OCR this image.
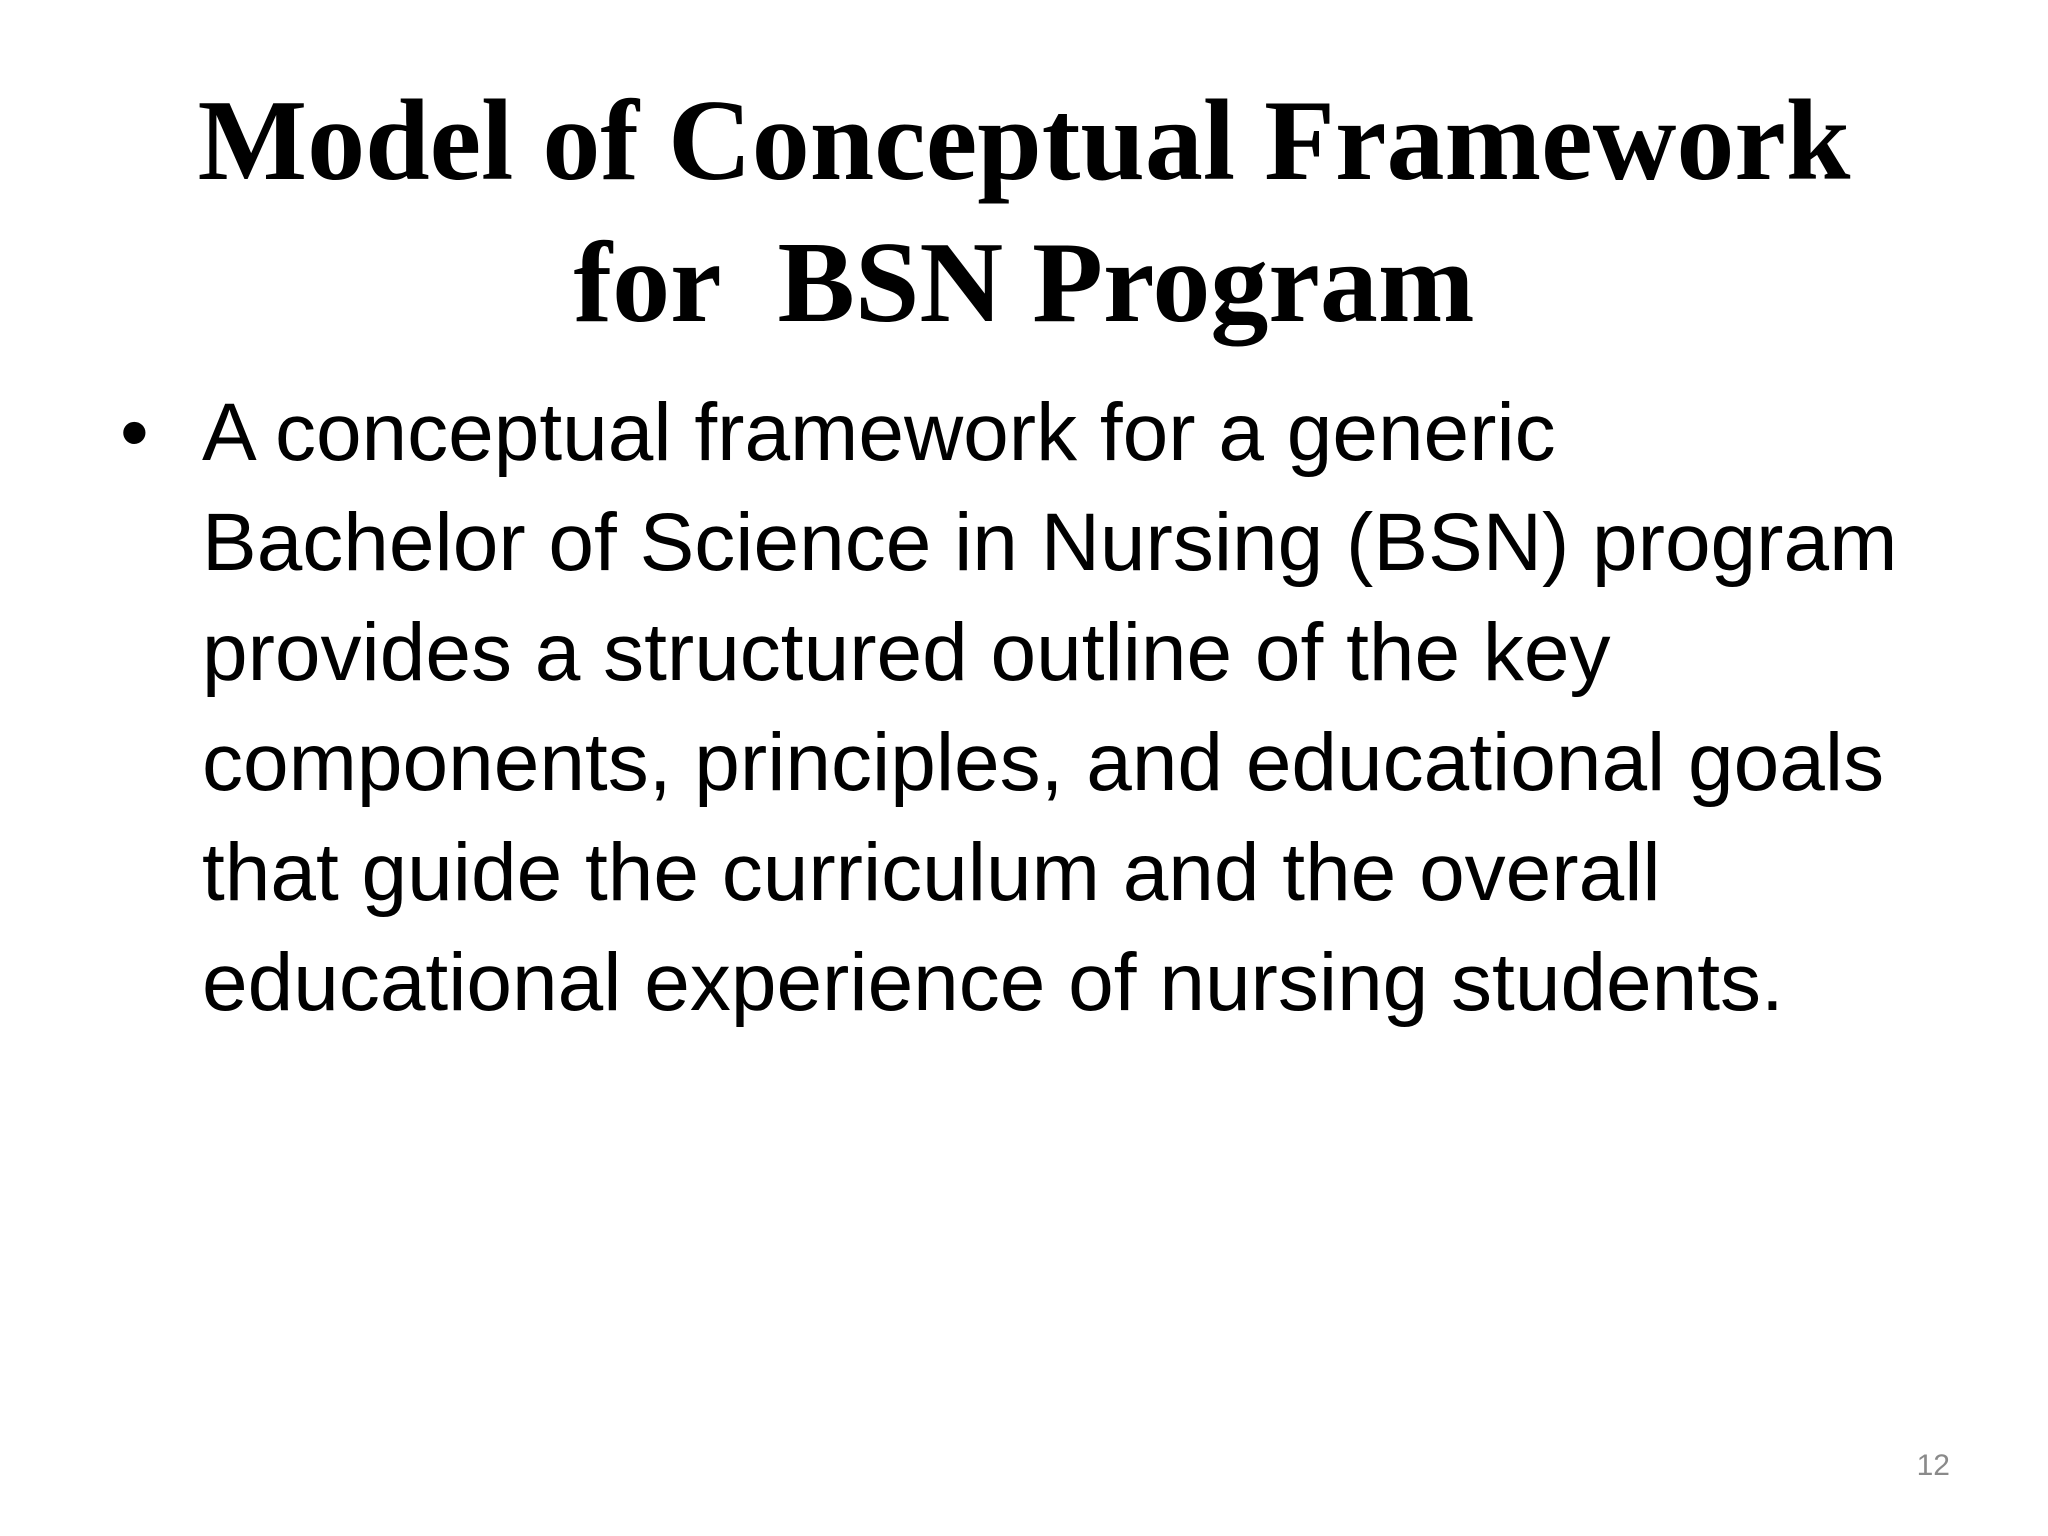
Model of Conceptual Framework
for  BSN Program
• A conceptual framework for a generic
Bachelor of Science in Nursing (BSN) program
provides a structured outline of the key
components, principles, and educational goals
that guide the curriculum and the overall
educational experience of nursing students.
12
